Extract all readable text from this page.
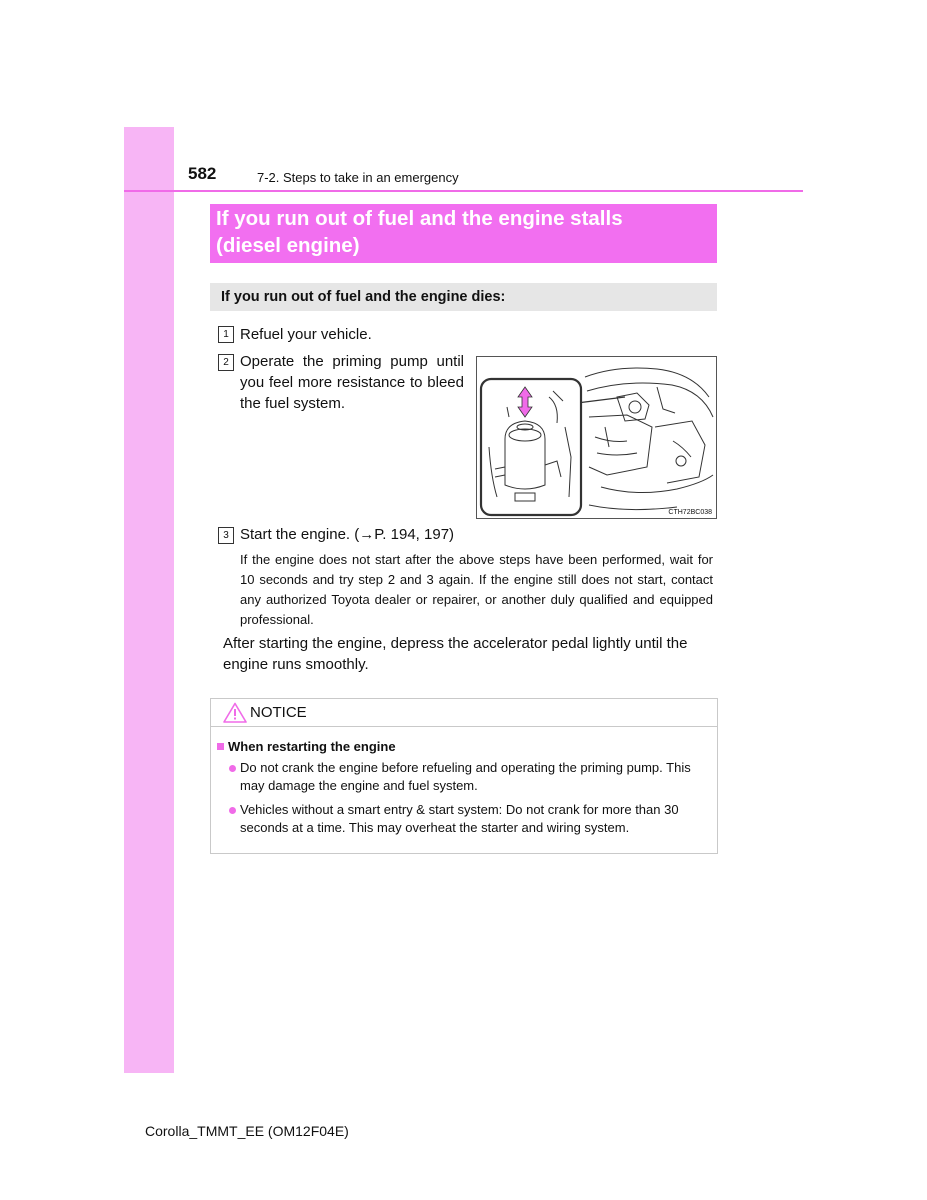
582	7-2. Steps to take in an emergency
If you run out of fuel and the engine stalls
(diesel engine)
If you run out of fuel and the engine dies:
1 Refuel your vehicle.
2 Operate the priming pump until you feel more resistance to bleed the fuel system.
CTH72BC038
3 Start the engine. (→P. 194, 197)
If the engine does not start after the above steps have been performed, wait for 10 seconds and try step 2 and 3 again. If the engine still does not start, contact any authorized Toyota dealer or repairer, or another duly qualified and equipped professional.
After starting the engine, depress the accelerator pedal lightly until the engine runs smoothly.
NOTICE
When restarting the engine
Do not crank the engine before refueling and operating the priming pump. This may damage the engine and fuel system.
Vehicles without a smart entry & start system: Do not crank for more than 30 seconds at a time. This may overheat the starter and wiring system.
Corolla_TMMT_EE (OM12F04E)
